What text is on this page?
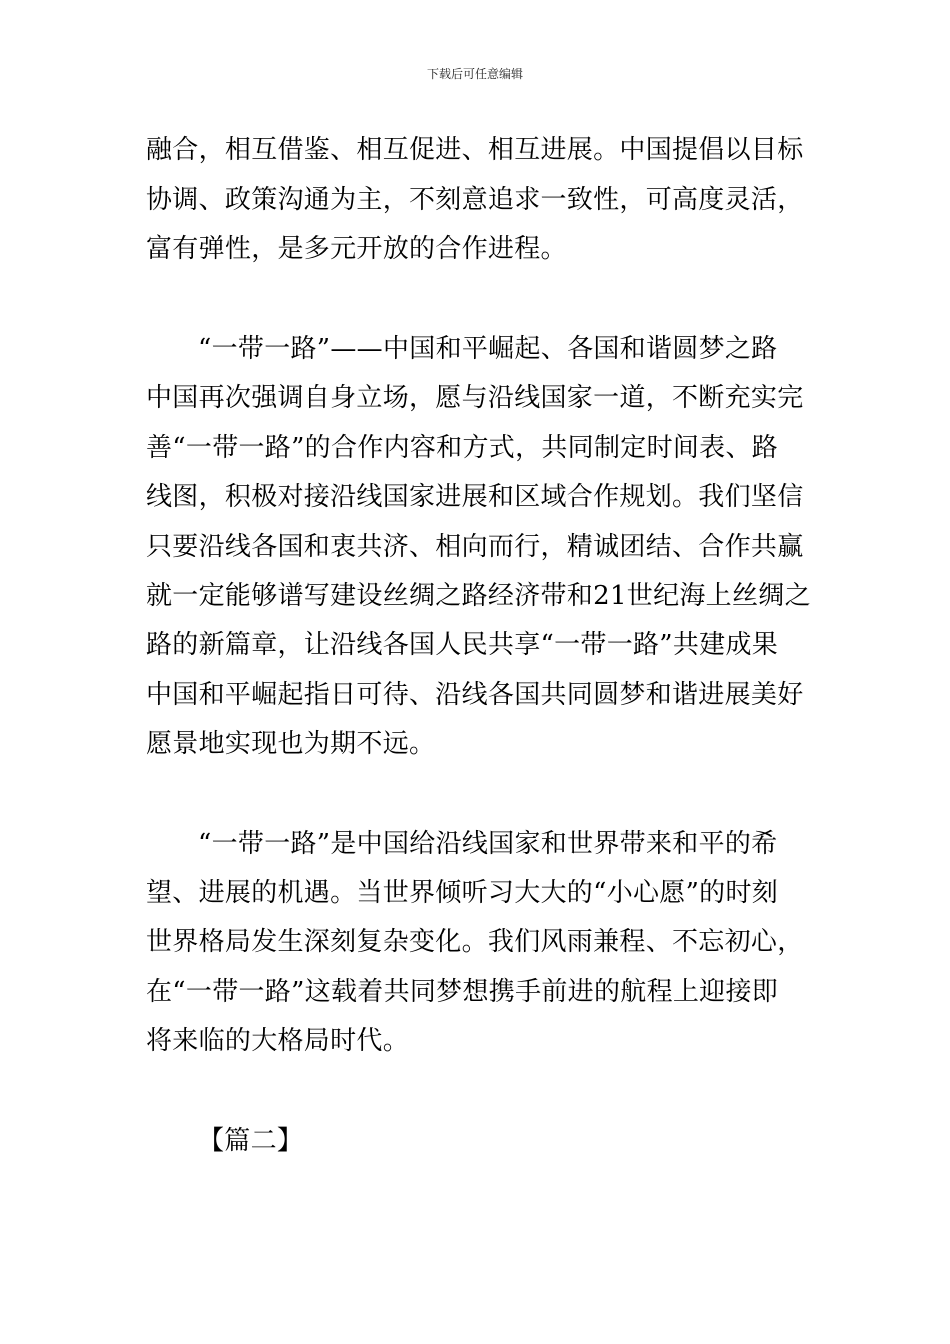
下载后可任意编辑
融合，相互借鉴、相互促进、相互进展。中国提倡以目标
协调、政策沟通为主，不刻意追求一致性，可高度灵活，
富有弹性，是多元开放的合作进程。
“一带一路”——中国和平崛起、各国和谐圆梦之路
中国再次强调自身立场，愿与沿线国家一道，不断充实完
善“一带一路”的合作内容和方式，共同制定时间表、路
线图，积极对接沿线国家进展和区域合作规划。我们坚信
只要沿线各国和衷共济、相向而行，精诚团结、合作共赢
就一定能够谱写建设丝绸之路经济带和21世纪海上丝绸之
路的新篇章，让沿线各国人民共享“一带一路”共建成果
中国和平崛起指日可待、沿线各国共同圆梦和谐进展美好
愿景地实现也为期不远。
“一带一路”是中国给沿线国家和世界带来和平的希
望、进展的机遇。当世界倾听习大大的“小心愿”的时刻
世界格局发生深刻复杂变化。我们风雨兼程、不忘初心，
在“一带一路”这载着共同梦想携手前进的航程上迎接即
将来临的大格局时代。
【篇二】
